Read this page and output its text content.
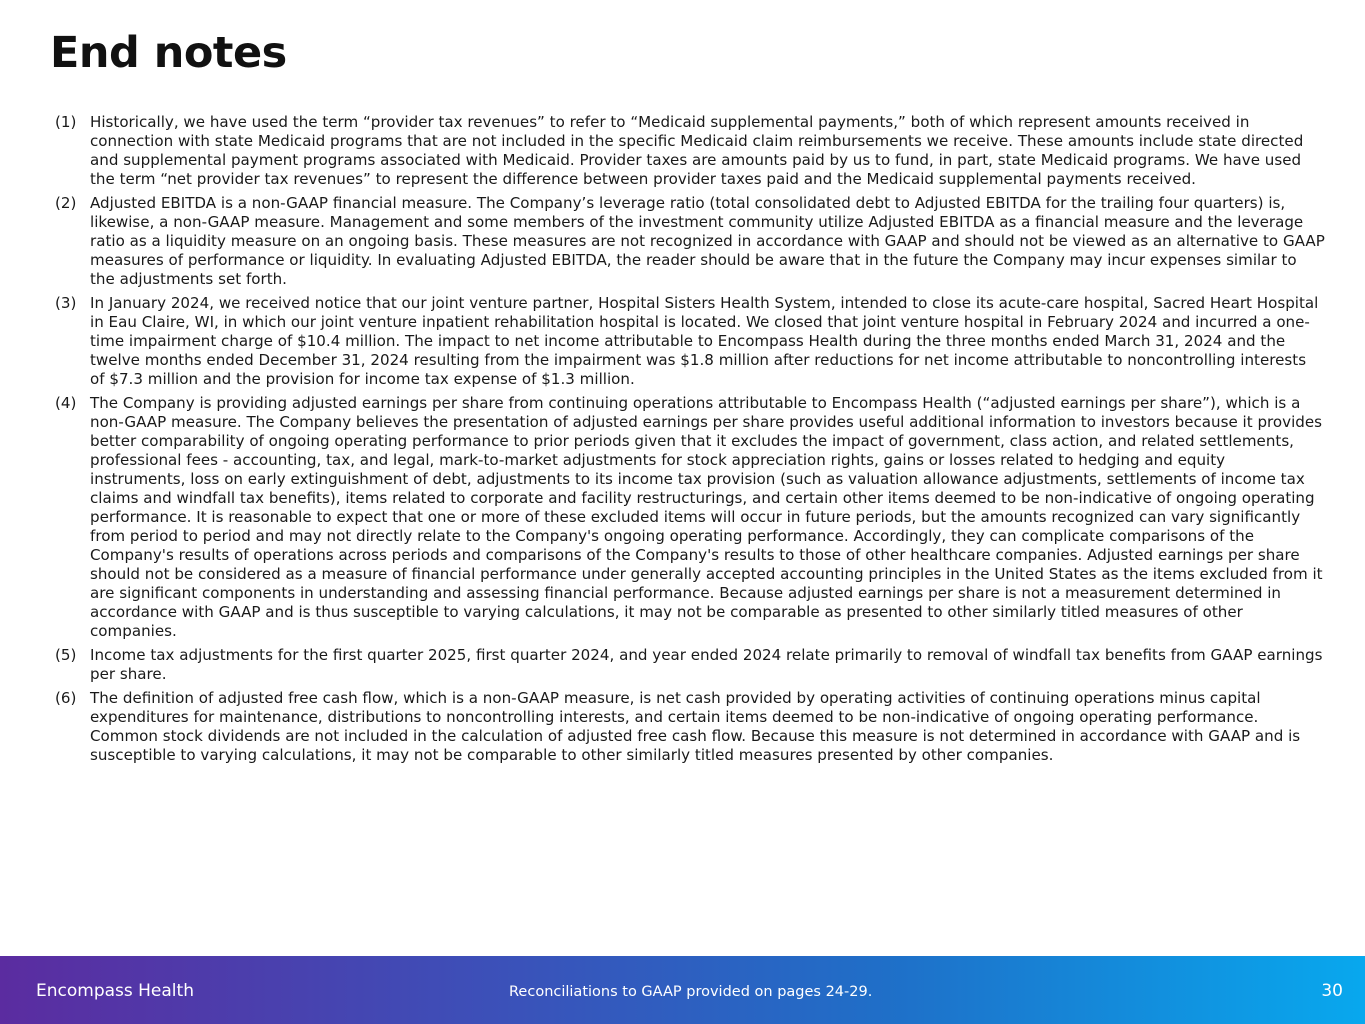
End notes
(1) Historically, we have used the term “provider tax revenues” to refer to “Medicaid supplemental payments,” both of which represent amounts received in connection with state Medicaid programs that are not included in the specific Medicaid claim reimbursements we receive. These amounts include state directed and supplemental payment programs associated with Medicaid. Provider taxes are amounts paid by us to fund, in part, state Medicaid programs. We have used the term “net provider tax revenues” to represent the difference between provider taxes paid and the Medicaid supplemental payments received.
(2) Adjusted EBITDA is a non-GAAP financial measure. The Company’s leverage ratio (total consolidated debt to Adjusted EBITDA for the trailing four quarters) is, likewise, a non-GAAP measure. Management and some members of the investment community utilize Adjusted EBITDA as a financial measure and the leverage ratio as a liquidity measure on an ongoing basis. These measures are not recognized in accordance with GAAP and should not be viewed as an alternative to GAAP measures of performance or liquidity. In evaluating Adjusted EBITDA, the reader should be aware that in the future the Company may incur expenses similar to the adjustments set forth.
(3) In January 2024, we received notice that our joint venture partner, Hospital Sisters Health System, intended to close its acute-care hospital, Sacred Heart Hospital in Eau Claire, WI, in which our joint venture inpatient rehabilitation hospital is located. We closed that joint venture hospital in February 2024 and incurred a one-time impairment charge of $10.4 million. The impact to net income attributable to Encompass Health during the three months ended March 31, 2024 and the twelve months ended December 31, 2024 resulting from the impairment was $1.8 million after reductions for net income attributable to noncontrolling interests of $7.3 million and the provision for income tax expense of $1.3 million.
(4) The Company is providing adjusted earnings per share from continuing operations attributable to Encompass Health (“adjusted earnings per share”), which is a non-GAAP measure. The Company believes the presentation of adjusted earnings per share provides useful additional information to investors because it provides better comparability of ongoing operating performance to prior periods given that it excludes the impact of government, class action, and related settlements, professional fees - accounting, tax, and legal, mark-to-market adjustments for stock appreciation rights, gains or losses related to hedging and equity instruments, loss on early extinguishment of debt, adjustments to its income tax provision (such as valuation allowance adjustments, settlements of income tax claims and windfall tax benefits), items related to corporate and facility restructurings, and certain other items deemed to be non-indicative of ongoing operating performance. It is reasonable to expect that one or more of these excluded items will occur in future periods, but the amounts recognized can vary significantly from period to period and may not directly relate to the Company's ongoing operating performance. Accordingly, they can complicate comparisons of the Company's results of operations across periods and comparisons of the Company's results to those of other healthcare companies. Adjusted earnings per share should not be considered as a measure of financial performance under generally accepted accounting principles in the United States as the items excluded from it are significant components in understanding and assessing financial performance. Because adjusted earnings per share is not a measurement determined in accordance with GAAP and is thus susceptible to varying calculations, it may not be comparable as presented to other similarly titled measures of other companies.
(5) Income tax adjustments for the first quarter 2025, first quarter 2024, and year ended 2024 relate primarily to removal of windfall tax benefits from GAAP earnings per share.
(6) The definition of adjusted free cash flow, which is a non-GAAP measure, is net cash provided by operating activities of continuing operations minus capital expenditures for maintenance, distributions to noncontrolling interests, and certain items deemed to be non-indicative of ongoing operating performance. Common stock dividends are not included in the calculation of adjusted free cash flow. Because this measure is not determined in accordance with GAAP and is susceptible to varying calculations, it may not be comparable to other similarly titled measures presented by other companies.
Encompass Health	Reconciliations to GAAP provided on pages 24-29.	30
